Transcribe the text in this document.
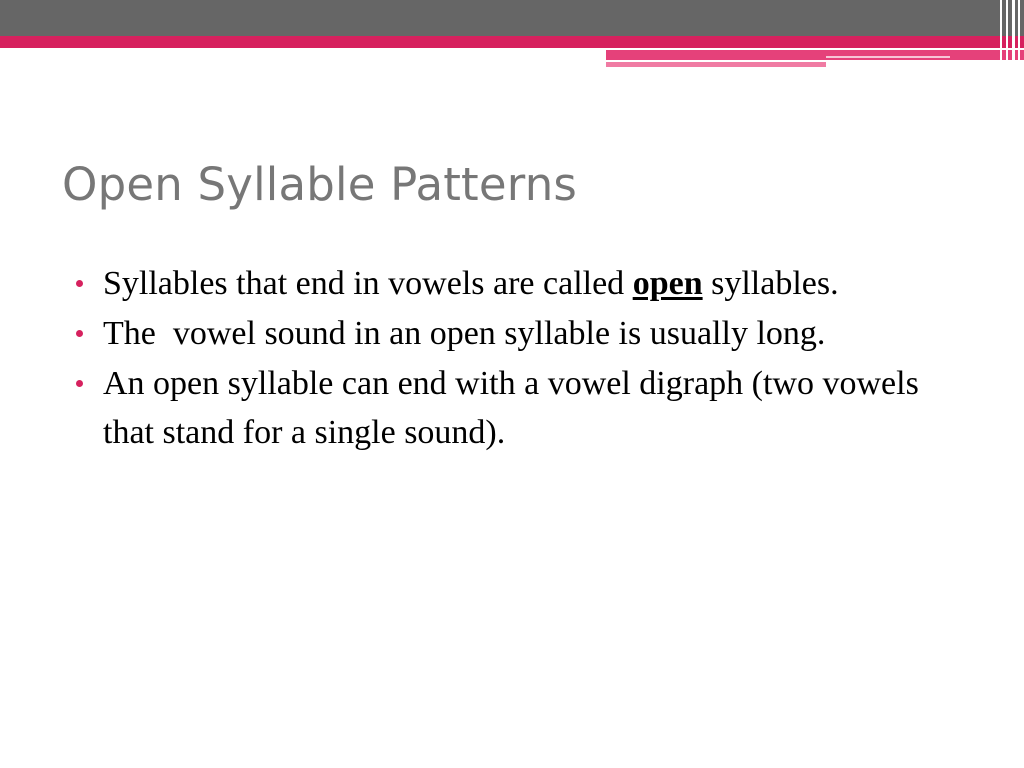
Open Syllable Patterns
Syllables that end in vowels are called open syllables.
The  vowel sound in an open syllable is usually long.
An open syllable can end with a vowel digraph (two vowels that stand for a single sound).
